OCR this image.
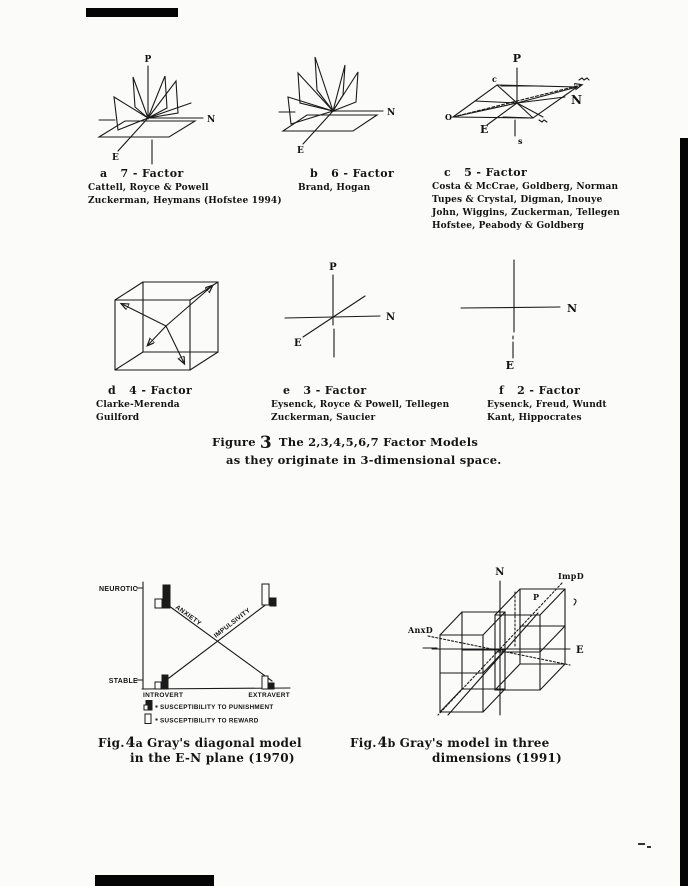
P
N
E
N
E
P
N
E
c
O
s
a 7 - Factor
Cattell, Royce & Powell
Zuckerman, Heymans (Hofstee 1994)
b 6 - Factor
Brand, Hogan
c 5 - Factor
Costa & McCrae, Goldberg, Norman
Tupes & Crystal, Digman, Inouye
John, Wiggins, Zuckerman, Tellegen
Hofstee, Peabody & Goldberg
P
N
E
N
E
d 4 - Factor
Clarke-Merenda
Guilford
e 3 - Factor
Eysenck, Royce & Powell, Tellegen
Zuckerman, Saucier
f 2 - Factor
Eysenck, Freud, Wundt
Kant, Hippocrates
Figure 3 The 2,3,4,5,6,7 Factor Models
as they originate in 3-dimensional space.
NEUROTIC
STABLE
INTROVERT	EXTRAVERT
ANXIETY IMPULSIVITY
SUSCEPTIBILITY TO PUNISHMENT
SUSCEPTIBILITY TO REWARD
N
E
ImpD
AnxD
P
Fig.4a Gray's diagonal model
in the E-N plane (1970)
Fig.4b Gray's model in three
dimensions (1991)
